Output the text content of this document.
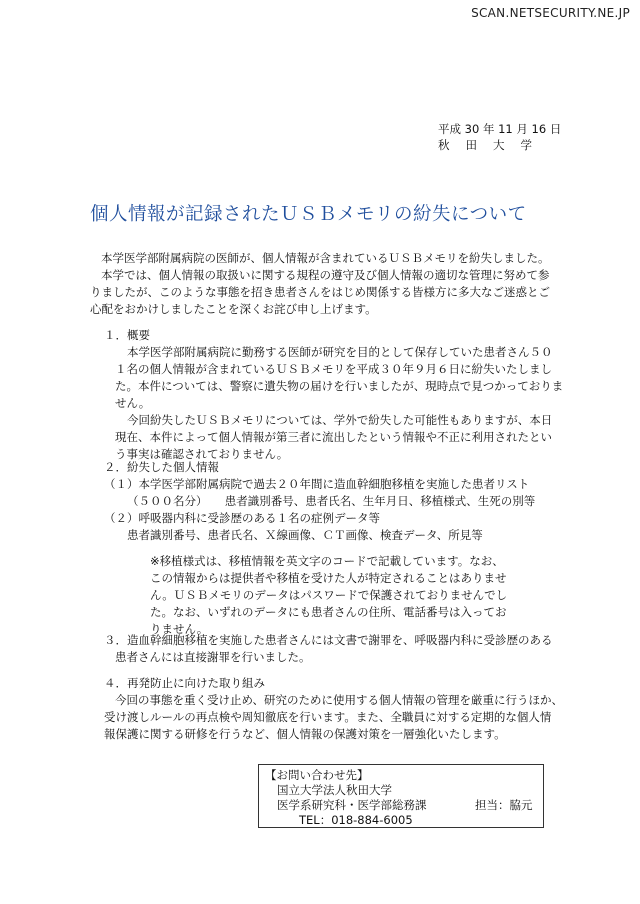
SCAN.NETSECURITY.NE.JP
平成 30 年 11 月 16 日
秋田大学
個人情報が記録されたＵＳＢメモリの紛失について
本学医学部附属病院の医師が、個人情報が含まれているＵＳＢメモリを紛失しました。
本学では、個人情報の取扱いに関する規程の遵守及び個人情報の適切な管理に努めて参
りましたが、このような事態を招き患者さんをはじめ関係する皆様方に多大なご迷惑とご
心配をおかけしましたことを深くお詫び申し上げます。
１．概要
本学医学部附属病院に勤務する医師が研究を目的として保存していた患者さん５０
１名の個人情報が含まれているＵＳＢメモリを平成３０年９月６日に紛失いたしまし
た。本件については、警察に遺失物の届けを行いましたが、現時点で見つかっておりま
せん。
今回紛失したＵＳＢメモリについては、学外で紛失した可能性もありますが、本日
現在、本件によって個人情報が第三者に流出したという情報や不正に利用されたとい
う事実は確認されておりません。
２．紛失した個人情報
（１）本学医学部附属病院で過去２０年間に造血幹細胞移植を実施した患者リスト
（５００名分）　　患者識別番号、患者氏名、生年月日、移植様式、生死の別等
（２）呼吸器内科に受診歴のある１名の症例データ等
患者識別番号、患者氏名、Ｘ線画像、ＣＴ画像、検査データ、所見等
※移植様式は、移植情報を英文字のコードで記載しています。なお、
この情報からは提供者や移植を受けた人が特定されることはありませ
ん。ＵＳＢメモリのデータはパスワードで保護されておりませんでし
た。なお、いずれのデータにも患者さんの住所、電話番号は入ってお
りません。
３．造血幹細胞移植を実施した患者さんには文書で謝罪を、呼吸器内科に受診歴のある
患者さんには直接謝罪を行いました。
４．再発防止に向けた取り組み
今回の事態を重く受け止め、研究のために使用する個人情報の管理を厳重に行うほか、
受け渡しルールの再点検や周知徹底を行います。また、全職員に対する定期的な個人情
報保護に関する研修を行うなど、個人情報の保護対策を一層強化いたします。
【お問い合わせ先】
国立大学法人秋田大学
医学系研究科・医学部総務課	担当：脇元
TEL：018-884-6005
